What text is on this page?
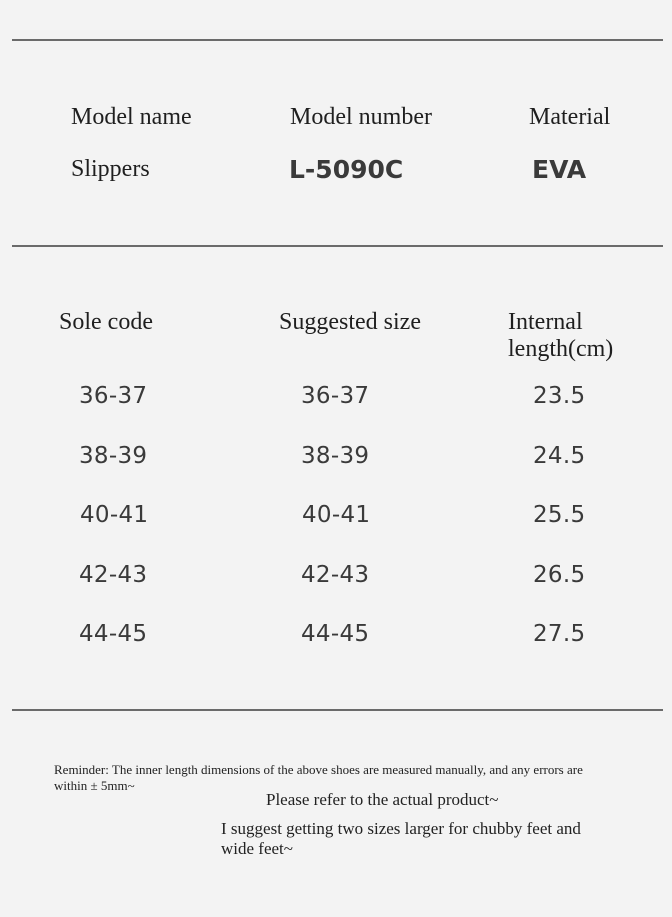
Model name	Model number	Material
Slippers	L-5090C	EVA
Sole code	Suggested size	Internal length(cm)
36-37	36-37	23.5
38-39	38-39	24.5
40-41	40-41	25.5
42-43	42-43	26.5
44-45	44-45	27.5
Reminder: The inner length dimensions of the above shoes are measured manually, and any errors are within ± 5mm~
Please refer to the actual product~
I suggest getting two sizes larger for chubby feet and wide feet~
